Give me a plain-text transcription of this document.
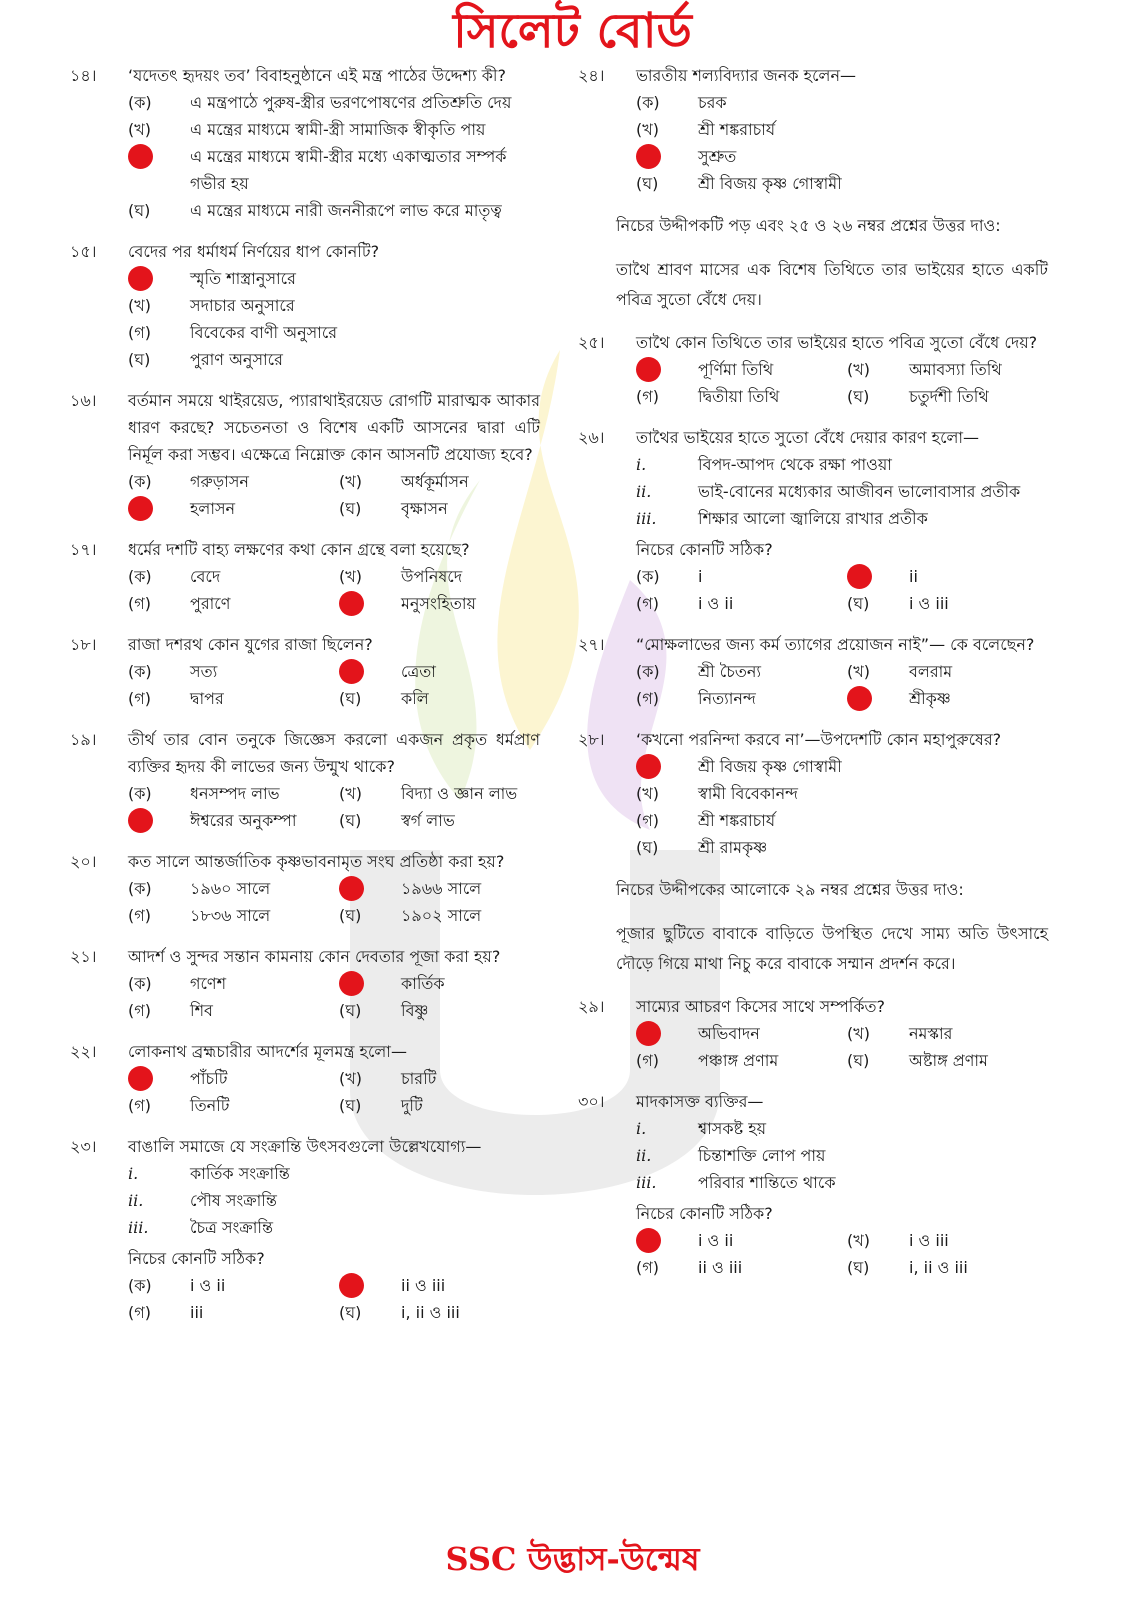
সিলেট বোর্ড
১৪।	‘যদেতৎ হৃদয়ং তব’ বিবাহনুষ্ঠানে এই মন্ত্র পাঠের উদ্দেশ্য কী?
(ক)	এ মন্ত্রপাঠে পুরুষ-স্ত্রীর ভরণপোষণের প্রতিশ্রুতি দেয়
(খ)	এ মন্ত্রের মাধ্যমে স্বামী-স্ত্রী সামাজিক স্বীকৃতি পায়
এ মন্ত্রের মাধ্যমে স্বামী-স্ত্রীর মধ্যে একাত্মতার সম্পর্ক গভীর হয়
(ঘ)	এ মন্ত্রের মাধ্যমে নারী জননীরূপে লাভ করে মাতৃত্ব
১৫।	বেদের পর ধর্মাধর্ম নির্ণয়ের ধাপ কোনটি?
স্মৃতি শাস্ত্রানুসারে
(খ)	সদাচার অনুসারে
(গ)	বিবেকের বাণী অনুসারে
(ঘ)	পুরাণ অনুসারে
১৬।	বর্তমান সময়ে থাইরয়েড, প্যারাথাইরয়েড রোগটি মারাত্মক আকার ধারণ করছে? সচেতনতা ও বিশেষ একটি আসনের দ্বারা এটি নির্মূল করা সম্ভব। এক্ষেত্রে নিম্নোক্ত কোন আসনটি প্রযোজ্য হবে?
(ক)	গরুড়াসন	(খ)	অর্ধকূর্মাসন
হলাসন	(ঘ)	বৃক্ষাসন
১৭।	ধর্মের দশটি বাহ্য লক্ষণের কথা কোন গ্রন্থে বলা হয়েছে?
(ক)	বেদে	(খ)	উপনিষদে
(গ)	পুরাণে	মনুসংহিতায়
১৮।	রাজা দশরথ কোন যুগের রাজা ছিলেন?
(ক)	সত্য	ত্রেতা
(গ)	দ্বাপর	(ঘ)	কলি
১৯।	তীর্থ তার বোন তনুকে জিজ্ঞেস করলো একজন প্রকৃত ধর্মপ্রাণ ব্যক্তির হৃদয় কী লাভের জন্য উন্মুখ থাকে?
(ক)	ধনসম্পদ লাভ	(খ)	বিদ্যা ও জ্ঞান লাভ
ঈশ্বরের অনুকম্পা	(ঘ)	স্বর্গ লাভ
২০।	কত সালে আন্তর্জাতিক কৃষ্ণভাবনামৃত সংঘ প্রতিষ্ঠা করা হয়?
(ক)	১৯৬০ সালে	১৯৬৬ সালে
(গ)	১৮৩৬ সালে	(ঘ)	১৯০২ সালে
২১।	আদর্শ ও সুন্দর সন্তান কামনায় কোন দেবতার পূজা করা হয়?
(ক)	গণেশ	কার্তিক
(গ)	শিব	(ঘ)	বিষ্ণু
২২।	লোকনাথ ব্রহ্মচারীর আদর্শের মূলমন্ত্র হলো—
পাঁচটি	(খ)	চারটি
(গ)	তিনটি	(ঘ)	দুটি
২৩।	বাঙালি সমাজে যে সংক্রান্তি উৎসবগুলো উল্লেখযোগ্য—
i.	কার্তিক সংক্রান্তি
ii.	পৌষ সংক্রান্তি
iii.	চৈত্র সংক্রান্তি
নিচের কোনটি সঠিক?
(ক)	i ও ii	ii ও iii
(গ)	iii	(ঘ)	i, ii ও iii
২৪।	ভারতীয় শল্যবিদ্যার জনক হলেন—
(ক)	চরক
(খ)	শ্রী শঙ্করাচার্য
সুশ্রুত
(ঘ)	শ্রী বিজয় কৃষ্ণ গোস্বামী
নিচের উদ্দীপকটি পড় এবং ২৫ ও ২৬ নম্বর প্রশ্নের উত্তর দাও:
তাথৈ শ্রাবণ মাসের এক বিশেষ তিথিতে তার ভাইয়ের হাতে একটি পবিত্র সুতো বেঁধে দেয়।
২৫।	তাথৈ কোন তিথিতে তার ভাইয়ের হাতে পবিত্র সুতো বেঁধে দেয়?
পূর্ণিমা তিথি	(খ)	অমাবস্যা তিথি
(গ)	দ্বিতীয়া তিথি	(ঘ)	চতুর্দশী তিথি
২৬।	তাথৈর ভাইয়ের হাতে সুতো বেঁধে দেয়ার কারণ হলো—
i.	বিপদ-আপদ থেকে রক্ষা পাওয়া
ii.	ভাই-বোনের মধ্যেকার আজীবন ভালোবাসার প্রতীক
iii.	শিক্ষার আলো জ্বালিয়ে রাখার প্রতীক
নিচের কোনটি সঠিক?
(ক)	i	ii
(গ)	i ও ii	(ঘ)	i ও iii
২৭।	“মোক্ষলাভের জন্য কর্ম ত্যাগের প্রয়োজন নাই”— কে বলেছেন?
(ক)	শ্রী চৈতন্য	(খ)	বলরাম
(গ)	নিত্যানন্দ	শ্রীকৃষ্ণ
২৮।	‘কখনো পরনিন্দা করবে না’—উপদেশটি কোন মহাপুরুষের?
শ্রী বিজয় কৃষ্ণ গোস্বামী
(খ)	স্বামী বিবেকানন্দ
(গ)	শ্রী শঙ্করাচার্য
(ঘ)	শ্রী রামকৃষ্ণ
নিচের উদ্দীপকের আলোকে ২৯ নম্বর প্রশ্নের উত্তর দাও:
পূজার ছুটিতে বাবাকে বাড়িতে উপস্থিত দেখে সাম্য অতি উৎসাহে দৌড়ে গিয়ে মাথা নিচু করে বাবাকে সম্মান প্রদর্শন করে।
২৯।	সাম্যের আচরণ কিসের সাথে সম্পর্কিত?
অভিবাদন	(খ)	নমস্কার
(গ)	পঞ্চাঙ্গ প্রণাম	(ঘ)	অষ্টাঙ্গ প্রণাম
৩০।	মাদকাসক্ত ব্যক্তির—
i.	শ্বাসকষ্ট হয়
ii.	চিন্তাশক্তি লোপ পায়
iii.	পরিবার শান্তিতে থাকে
নিচের কোনটি সঠিক?
i ও ii	(খ)	i ও iii
(গ)	ii ও iii	(ঘ)	i, ii ও iii
SSC উদ্ভাস-উন্মেষ
